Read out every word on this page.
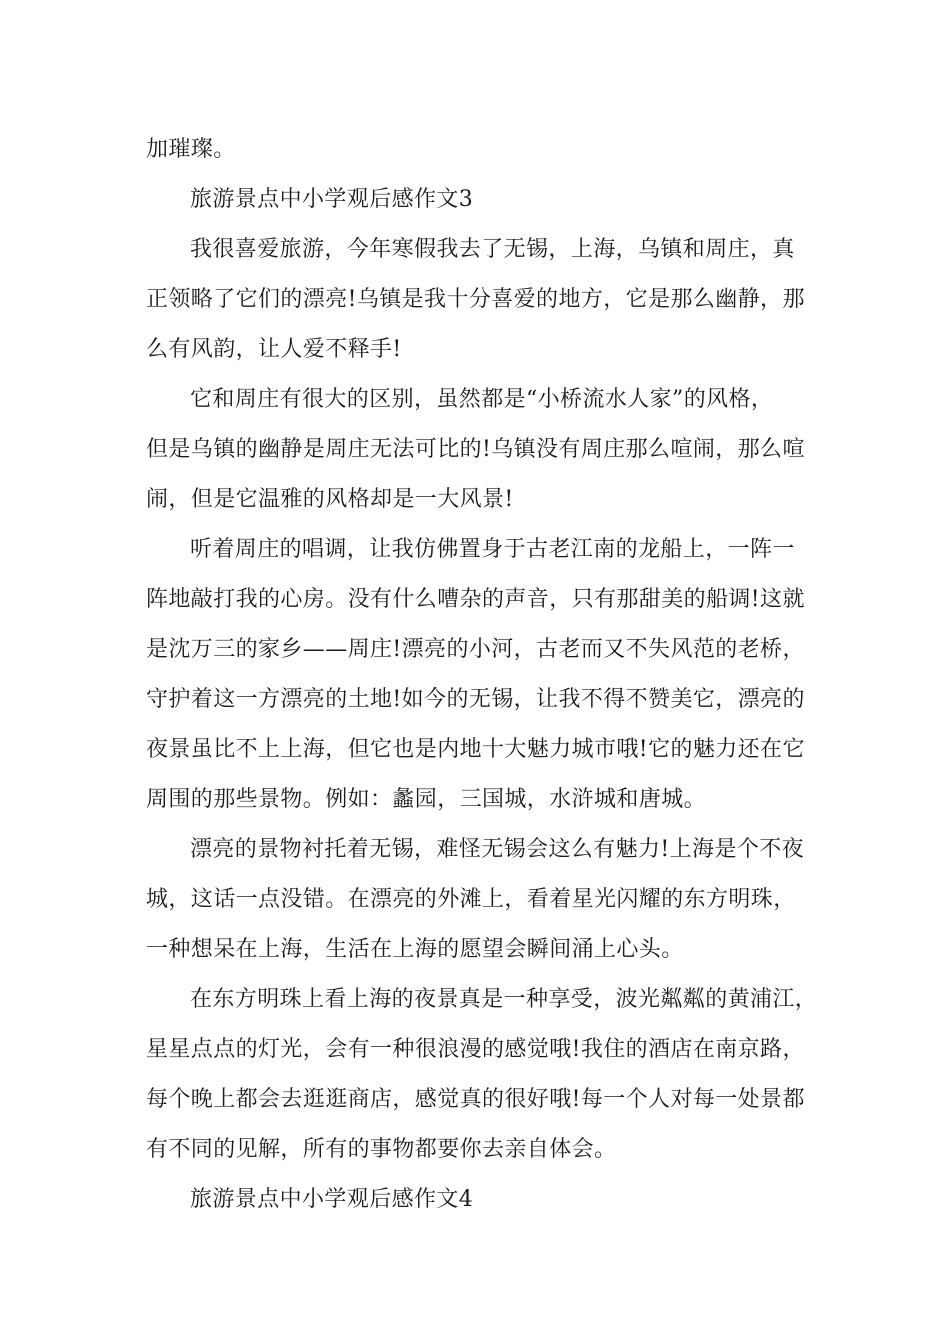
加璀璨。
旅游景点中小学观后感作文3
我很喜爱旅游，今年寒假我去了无锡，上海，乌镇和周庄，真
正领略了它们的漂亮!乌镇是我十分喜爱的地方，它是那么幽静，那
么有风韵，让人爱不释手!
它和周庄有很大的区别，虽然都是“小桥流水人家”的风格，
但是乌镇的幽静是周庄无法可比的!乌镇没有周庄那么喧闹，那么喧
闹，但是它温雅的风格却是一大风景!
听着周庄的唱调，让我仿佛置身于古老江南的龙船上，一阵一
阵地敲打我的心房。没有什么嘈杂的声音，只有那甜美的船调!这就
是沈万三的家乡——周庄!漂亮的小河，古老而又不失风范的老桥，
守护着这一方漂亮的土地!如今的无锡，让我不得不赞美它，漂亮的
夜景虽比不上上海，但它也是内地十大魅力城市哦!它的魅力还在它
周围的那些景物。例如：蠡园，三国城，水浒城和唐城。
漂亮的景物衬托着无锡，难怪无锡会这么有魅力!上海是个不夜
城，这话一点没错。在漂亮的外滩上，看着星光闪耀的东方明珠，
一种想呆在上海，生活在上海的愿望会瞬间涌上心头。
在东方明珠上看上海的夜景真是一种享受，波光粼粼的黄浦江，
星星点点的灯光，会有一种很浪漫的感觉哦!我住的酒店在南京路，
每个晚上都会去逛逛商店，感觉真的很好哦!每一个人对每一处景都
有不同的见解，所有的事物都要你去亲自体会。
旅游景点中小学观后感作文4
